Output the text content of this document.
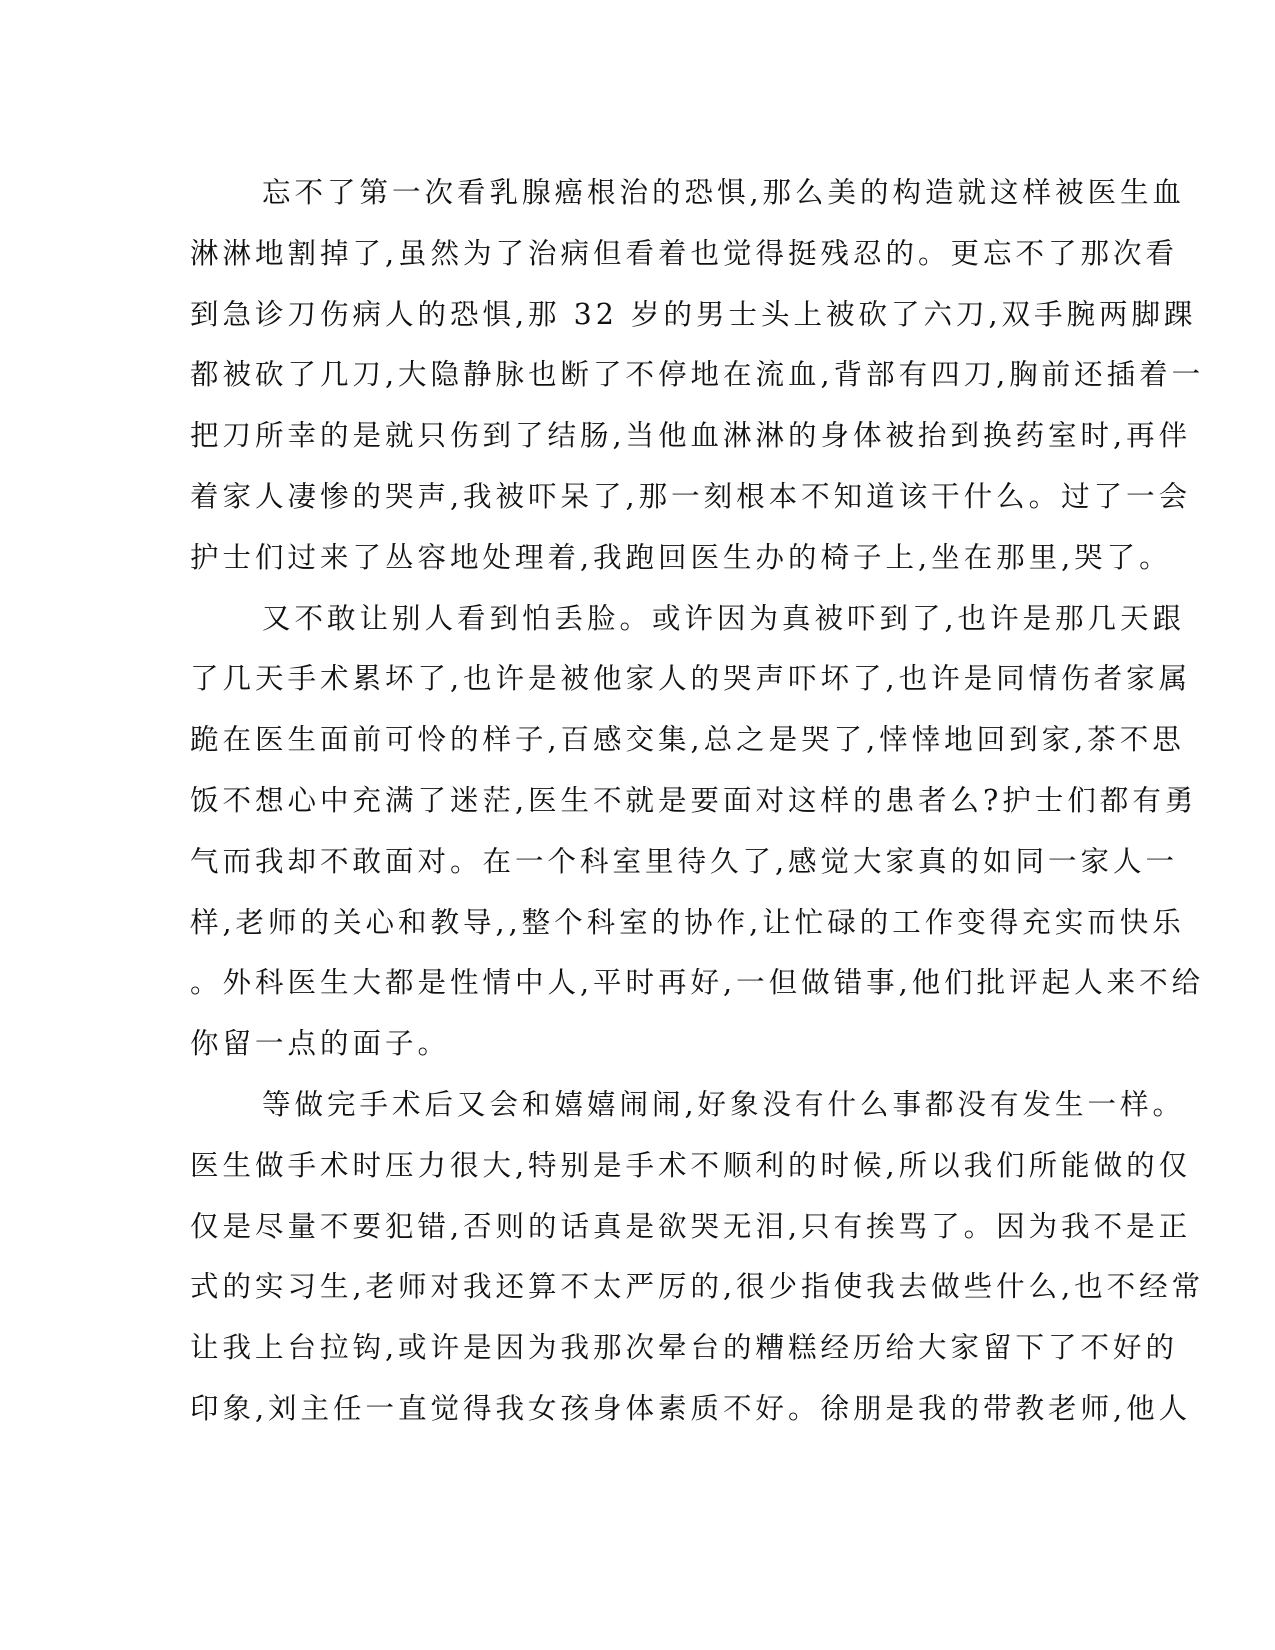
忘不了第一次看乳腺癌根治的恐惧,那么美的构造就这样被医生血
淋淋地割掉了,虽然为了治病但看着也觉得挺残忍的。更忘不了那次看
到急诊刀伤病人的恐惧,那 32 岁的男士头上被砍了六刀,双手腕两脚踝
都被砍了几刀,大隐静脉也断了不停地在流血,背部有四刀,胸前还插着一
把刀所幸的是就只伤到了结肠,当他血淋淋的身体被抬到换药室时,再伴
着家人凄惨的哭声,我被吓呆了,那一刻根本不知道该干什么。过了一会
护士们过来了丛容地处理着,我跑回医生办的椅子上,坐在那里,哭了。
又不敢让别人看到怕丢脸。或许因为真被吓到了,也许是那几天跟
了几天手术累坏了,也许是被他家人的哭声吓坏了,也许是同情伤者家属
跪在医生面前可怜的样子,百感交集,总之是哭了,悻悻地回到家,茶不思
饭不想心中充满了迷茫,医生不就是要面对这样的患者么?护士们都有勇
气而我却不敢面对。在一个科室里待久了,感觉大家真的如同一家人一
样,老师的关心和教导,,整个科室的协作,让忙碌的工作变得充实而快乐
。外科医生大都是性情中人,平时再好,一但做错事,他们批评起人来不给
你留一点的面子。
等做完手术后又会和嬉嬉闹闹,好象没有什么事都没有发生一样。
医生做手术时压力很大,特别是手术不顺利的时候,所以我们所能做的仅
仅是尽量不要犯错,否则的话真是欲哭无泪,只有挨骂了。因为我不是正
式的实习生,老师对我还算不太严厉的,很少指使我去做些什么,也不经常
让我上台拉钩,或许是因为我那次晕台的糟糕经历给大家留下了不好的
印象,刘主任一直觉得我女孩身体素质不好。徐朋是我的带教老师,他人
